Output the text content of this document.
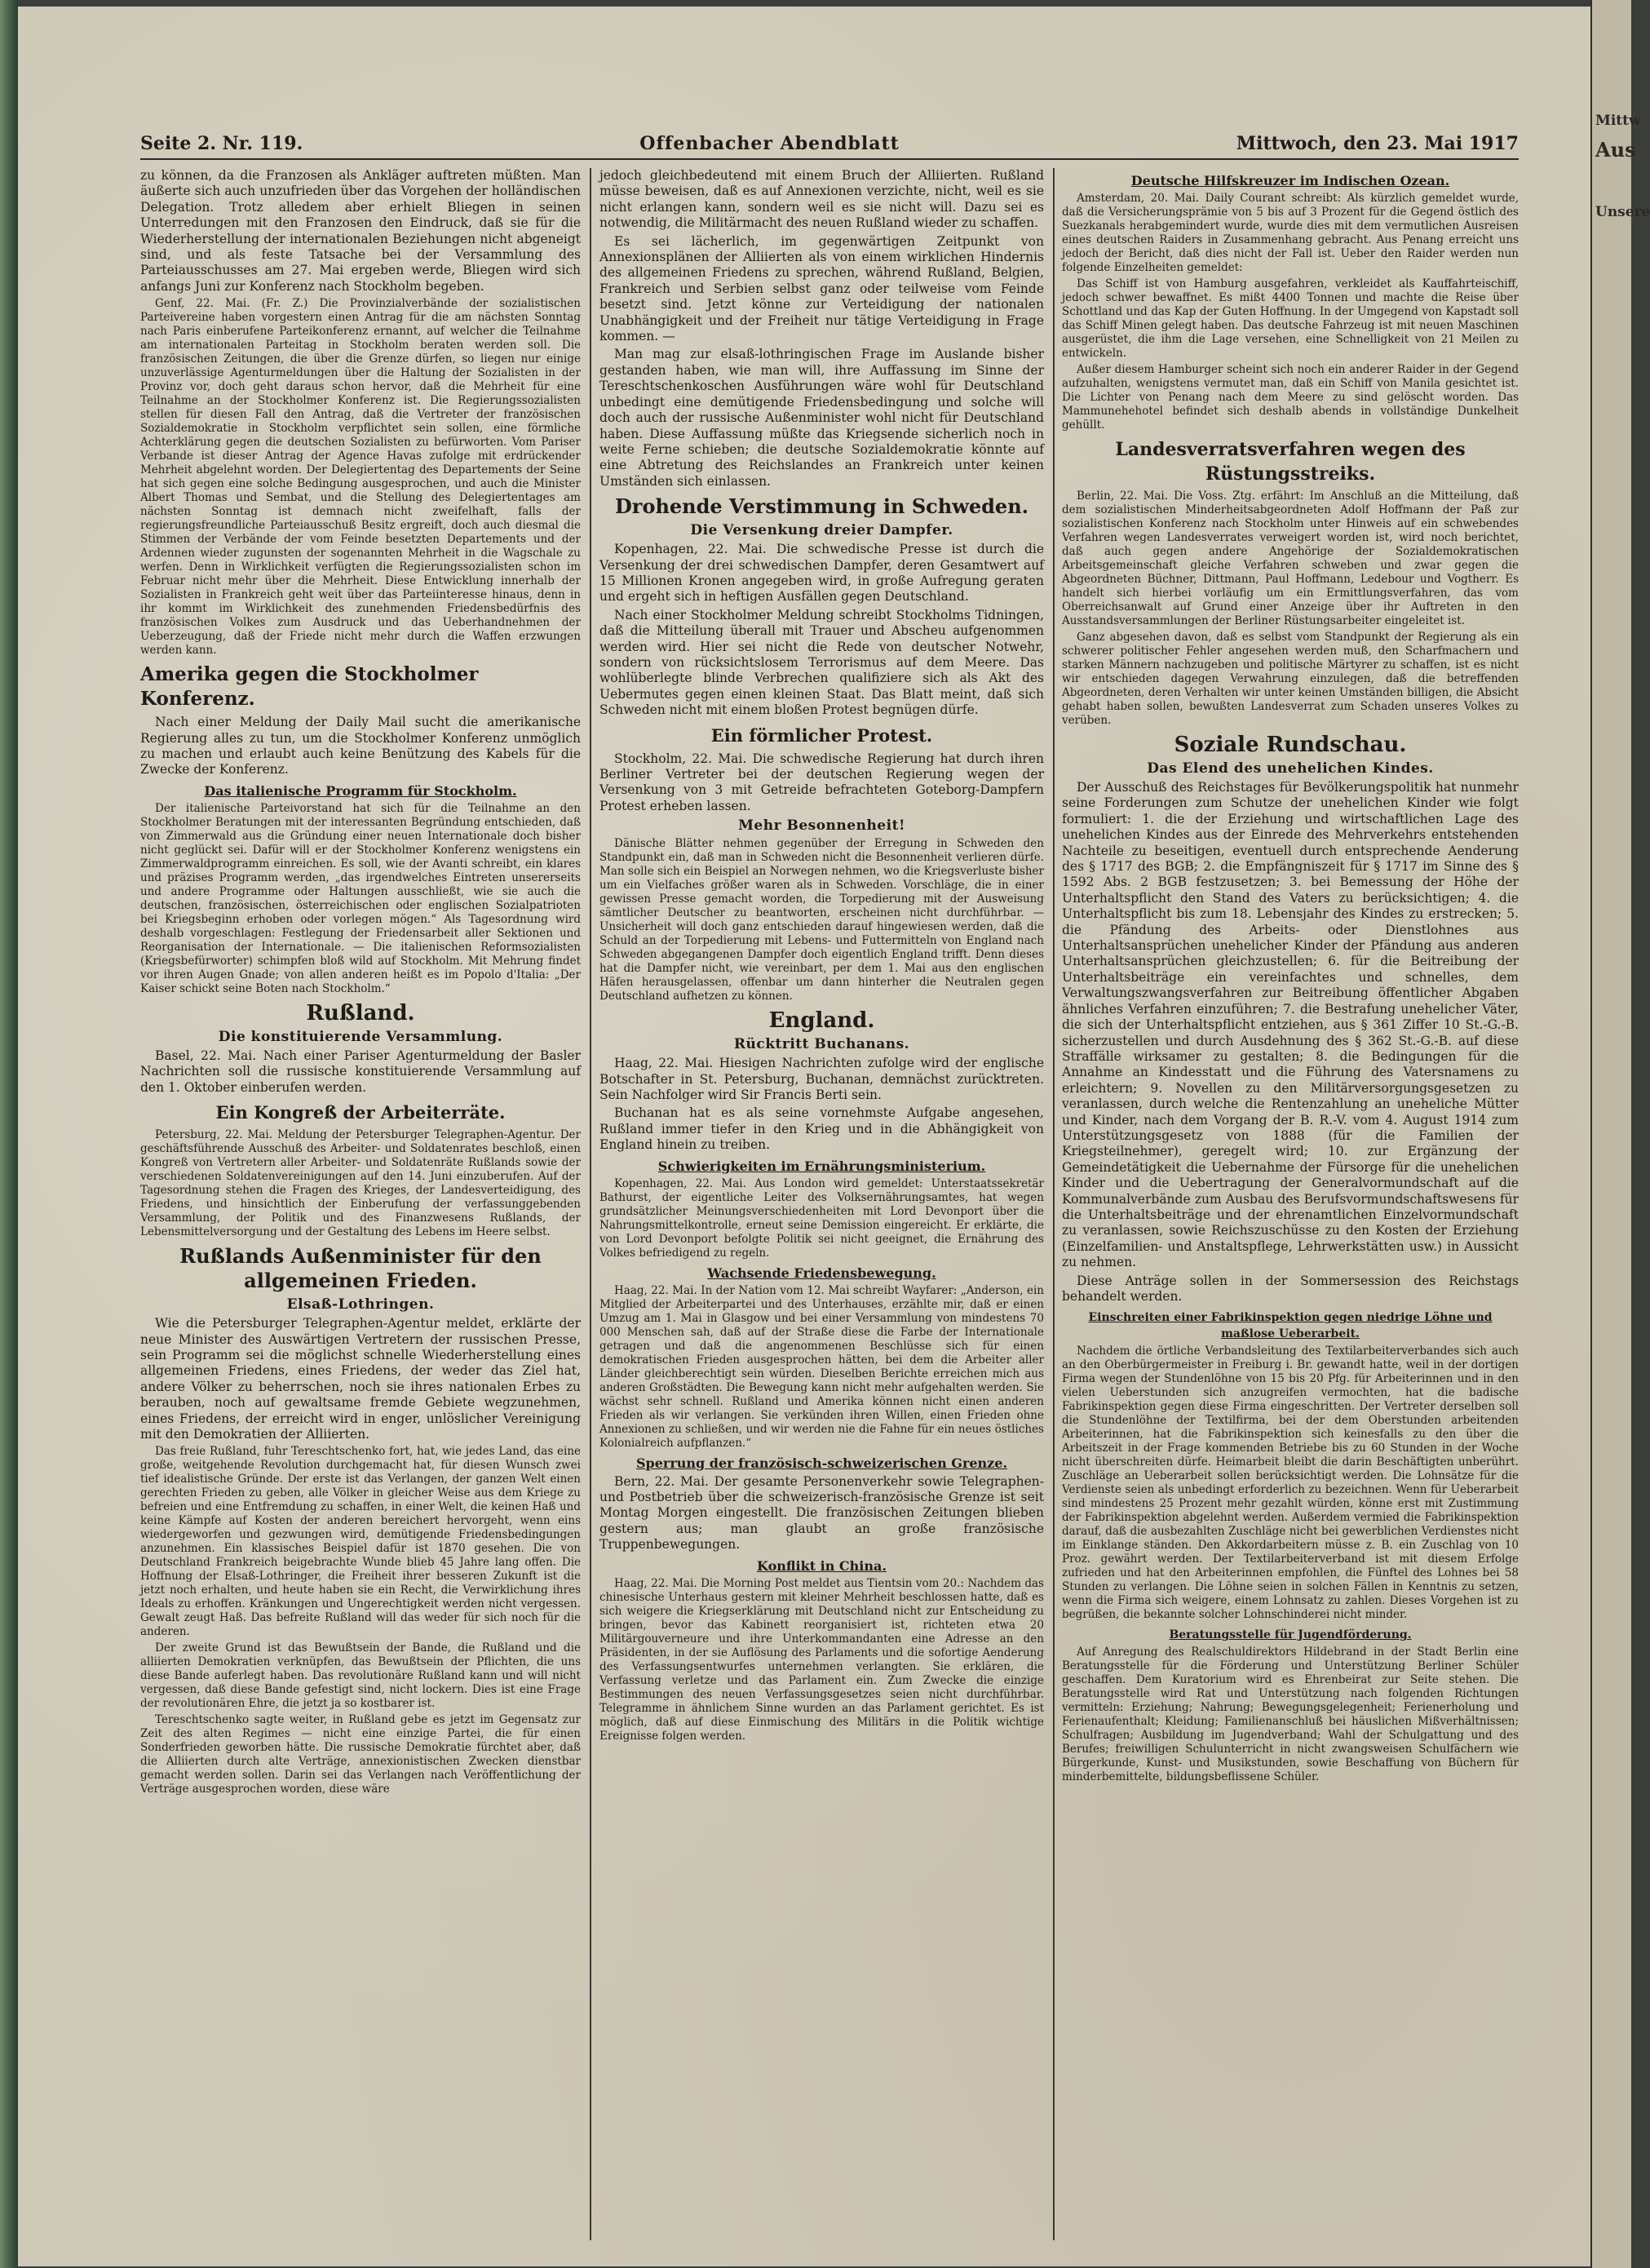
Seite 2. Nr. 119.	Offenbacher Abendblatt	Mittwoch, den 23. Mai 1917

zu können, da die Franzosen als Ankläger auftreten müßten. Man äußerte sich auch unzufrieden über das Vorgehen der holländischen Delegation. Trotz alledem aber erhielt Bliegen in seinen Unterredungen mit den Franzosen den Eindruck, daß sie für die Wiederherstellung der internationalen Beziehungen nicht abgeneigt sind, und als feste Tatsache bei der Versammlung des Parteiausschusses am 27. Mai ergeben werde, Bliegen wird sich anfangs Juni zur Konferenz nach Stockholm begeben.

Genf, 22. Mai. (Fr. Z.) Die Provinzialverbände der sozialistischen Parteivereine haben vorgestern einen Antrag für die am nächsten Sonntag nach Paris einberufene Parteikonferenz ernannt, auf welcher die Teilnahme am internationalen Parteitag in Stockholm beraten werden soll. Die französischen Zeitungen, die über die Grenze dürfen, so liegen nur einige unzuverlässige Agenturmeldungen über die Haltung der Sozialisten in der Provinz vor, doch geht daraus schon hervor, daß die Mehrheit für eine Teilnahme an der Stockholmer Konferenz ist. Die Regierungssozialisten stellen für diesen Fall den Antrag, daß die Vertreter der französischen Sozialdemokratie in Stockholm verpflichtet sein sollen, eine förmliche Achterklärung gegen die deutschen Sozialisten zu befürworten. Vom Pariser Verbande ist dieser Antrag der Agence Havas zufolge mit erdrückender Mehrheit abgelehnt worden. Der Delegiertentag des Departements der Seine hat sich gegen eine solche Bedingung ausgesprochen, und auch die Minister Albert Thomas und Sembat, und die Stellung des Delegiertentages am nächsten Sonntag ist demnach nicht zweifelhaft, falls der regierungsfreundliche Parteiausschuß Besitz ergreift, doch auch diesmal die Stimmen der Verbände der vom Feinde besetzten Departements und der Ardennen wieder zugunsten der sogenannten Mehrheit in die Wagschale zu werfen. Denn in Wirklichkeit verfügten die Regierungssozialisten schon im Februar nicht mehr über die Mehrheit. Diese Entwicklung innerhalb der Sozialisten in Frankreich geht weit über das Parteiinteresse hinaus, denn in ihr kommt im Wirklichkeit des zunehmenden Friedensbedürfnis des französischen Volkes zum Ausdruck und das Ueberhandnehmen der Ueberzeugung, daß der Friede nicht mehr durch die Waffen erzwungen werden kann.

Amerika gegen die Stockholmer Konferenz.

Nach einer Meldung der Daily Mail sucht die amerikanische Regierung alles zu tun, um die Stockholmer Konferenz unmöglich zu machen und erlaubt auch keine Benützung des Kabels für die Zwecke der Konferenz.

Das italienische Programm für Stockholm.

Der italienische Parteivorstand hat sich für die Teilnahme an den Stockholmer Beratungen mit der interessanten Begründung entschieden, daß von Zimmerwald aus die Gründung einer neuen Internationale doch bisher nicht geglückt sei. Dafür will er der Stockholmer Konferenz wenigstens ein Zimmerwaldprogramm einreichen. Es soll, wie der Avanti schreibt, ein klares und präzises Programm werden, „das irgendwelches Eintreten unsererseits und andere Programme oder Haltungen ausschließt, wie sie auch die deutschen, französischen, österreichischen oder englischen Sozialpatrioten bei Kriegsbeginn erhoben oder vorlegen mögen.“ Als Tagesordnung wird deshalb vorgeschlagen: Festlegung der Friedensarbeit aller Sektionen und Reorganisation der Internationale. — Die italienischen Reformsozialisten (Kriegsbefürworter) schimpfen bloß wild auf Stockholm. Mit Mehrung findet vor ihren Augen Gnade; von allen anderen heißt es im Popolo d'Italia: „Der Kaiser schickt seine Boten nach Stockholm.“

Rußland.
Die konstituierende Versammlung.

Basel, 22. Mai. Nach einer Pariser Agenturmeldung der Basler Nachrichten soll die russische konstituierende Versammlung auf den 1. Oktober einberufen werden.

Ein Kongreß der Arbeiterräte.

Petersburg, 22. Mai. Meldung der Petersburger Telegraphen-Agentur. Der geschäftsführende Ausschuß des Arbeiter- und Soldatenrates beschloß, einen Kongreß von Vertretern aller Arbeiter- und Soldatenräte Rußlands sowie der verschiedenen Soldatenvereinigungen auf den 14. Juni einzuberufen. Auf der Tagesordnung stehen die Fragen des Krieges, der Landesverteidigung, des Friedens, und hinsichtlich der Einberufung der verfassunggebenden Versammlung, der Politik und des Finanzwesens Rußlands, der Lebensmittelversorgung und der Gestaltung des Lebens im Heere selbst.

Rußlands Außenminister für den allgemeinen Frieden.
Elsaß-Lothringen.

Wie die Petersburger Telegraphen-Agentur meldet, erklärte der neue Minister des Auswärtigen Vertretern der russischen Presse, sein Programm sei die möglichst schnelle Wiederherstellung eines allgemeinen Friedens, eines Friedens, der weder das Ziel hat, andere Völker zu beherrschen, noch sie ihres nationalen Erbes zu berauben, noch auf gewaltsame fremde Gebiete wegzunehmen, eines Friedens, der erreicht wird in enger, unlöslicher Vereinigung mit den Demokratien der Alliierten.

Das freie Rußland, fuhr Tereschtschenko fort, hat, wie jedes Land, das eine große, weitgehende Revolution durchgemacht hat, für diesen Wunsch zwei tief idealistische Gründe. Der erste ist das Verlangen, der ganzen Welt einen gerechten Frieden zu geben, alle Völker in gleicher Weise aus dem Kriege zu befreien und eine Entfremdung zu schaffen, in einer Welt, die keinen Haß und keine Kämpfe auf Kosten der anderen bereichert hervorgeht, wenn eins wiedergeworfen und gezwungen wird, demütigende Friedensbedingungen anzunehmen. Ein klassisches Beispiel dafür ist 1870 gesehen. Die von Deutschland Frankreich beigebrachte Wunde blieb 45 Jahre lang offen. Die Hoffnung der Elsaß-Lothringer, die Freiheit ihrer besseren Zukunft ist die jetzt noch erhalten, und heute haben sie ein Recht, die Verwirklichung ihres Ideals zu erhoffen. Kränkungen und Ungerechtigkeit werden nicht vergessen. Gewalt zeugt Haß. Das befreite Rußland will das weder für sich noch für die anderen.

Der zweite Grund ist das Bewußtsein der Bande, die Rußland und die alliierten Demokratien verknüpfen, das Bewußtsein der Pflichten, die uns diese Bande auferlegt haben. Das revolutionäre Rußland kann und will nicht vergessen, daß diese Bande gefestigt sind, nicht lockern. Dies ist eine Frage der revolutionären Ehre, die jetzt ja so kostbarer ist.

Tereschtschenko sagte weiter, in Rußland gebe es jetzt im Gegensatz zur Zeit des alten Regimes — nicht eine einzige Partei, die für einen Sonderfrieden geworben hätte. Die russische Demokratie fürchtet aber, daß die Alliierten durch alte Verträge, annexionistischen Zwecken dienstbar gemacht werden sollen. Darin sei das Verlangen nach Veröffentlichung der Verträge ausgesprochen worden, diese wäre

jedoch gleichbedeutend mit einem Bruch der Alliierten. Rußland müsse beweisen, daß es auf Annexionen verzichte, nicht, weil es sie nicht erlangen kann, sondern weil es sie nicht will. Dazu sei es notwendig, die Militärmacht des neuen Rußland wieder zu schaffen.

Es sei lächerlich, im gegenwärtigen Zeitpunkt von Annexionsplänen der Alliierten als von einem wirklichen Hindernis des allgemeinen Friedens zu sprechen, während Rußland, Belgien, Frankreich und Serbien selbst ganz oder teilweise vom Feinde besetzt sind. Jetzt könne zur Verteidigung der nationalen Unabhängigkeit und der Freiheit nur tätige Verteidigung in Frage kommen. —

Man mag zur elsaß-lothringischen Frage im Auslande bisher gestanden haben, wie man will, ihre Auffassung im Sinne der Tereschtschenkoschen Ausführungen wäre wohl für Deutschland unbedingt eine demütigende Friedensbedingung und solche will doch auch der russische Außenminister wohl nicht für Deutschland haben. Diese Auffassung müßte das Kriegsende sicherlich noch in weite Ferne schieben; die deutsche Sozialdemokratie könnte auf eine Abtretung des Reichslandes an Frankreich unter keinen Umständen sich einlassen.

Drohende Verstimmung in Schweden.
Die Versenkung dreier Dampfer.

Kopenhagen, 22. Mai. Die schwedische Presse ist durch die Versenkung der drei schwedischen Dampfer, deren Gesamtwert auf 15 Millionen Kronen angegeben wird, in große Aufregung geraten und ergeht sich in heftigen Ausfällen gegen Deutschland.

Nach einer Stockholmer Meldung schreibt Stockholms Tidningen, daß die Mitteilung überall mit Trauer und Abscheu aufgenommen werden wird. Hier sei nicht die Rede von deutscher Notwehr, sondern von rücksichtslosem Terrorismus auf dem Meere. Das wohlüberlegte blinde Verbrechen qualifiziere sich als Akt des Uebermutes gegen einen kleinen Staat. Das Blatt meint, daß sich Schweden nicht mit einem bloßen Protest begnügen dürfe.

Ein förmlicher Protest.

Stockholm, 22. Mai. Die schwedische Regierung hat durch ihren Berliner Vertreter bei der deutschen Regierung wegen der Versenkung von 3 mit Getreide befrachteten Goteborg-Dampfern Protest erheben lassen.

Mehr Besonnenheit!

Dänische Blätter nehmen gegenüber der Erregung in Schweden den Standpunkt ein, daß man in Schweden nicht die Besonnenheit verlieren dürfe. Man solle sich ein Beispiel an Norwegen nehmen, wo die Kriegsverluste bisher um ein Vielfaches größer waren als in Schweden. Vorschläge, die in einer gewissen Presse gemacht worden, die Torpedierung mit der Ausweisung sämtlicher Deutscher zu beantworten, erscheinen nicht durchführbar. — Unsicherheit will doch ganz entschieden darauf hingewiesen werden, daß die Schuld an der Torpedierung mit Lebens- und Futtermitteln von England nach Schweden abgegangenen Dampfer doch eigentlich England trifft. Denn dieses hat die Dampfer nicht, wie vereinbart, per dem 1. Mai aus den englischen Häfen herausgelassen, offenbar um dann hinterher die Neutralen gegen Deutschland aufhetzen zu können.

England.
Rücktritt Buchanans.

Haag, 22. Mai. Hiesigen Nachrichten zufolge wird der englische Botschafter in St. Petersburg, Buchanan, demnächst zurücktreten. Sein Nachfolger wird Sir Francis Berti sein.

Buchanan hat es als seine vornehmste Aufgabe angesehen, Rußland immer tiefer in den Krieg und in die Abhängigkeit von England hinein zu treiben.

Schwierigkeiten im Ernährungsministerium.

Kopenhagen, 22. Mai. Aus London wird gemeldet: Unterstaatssekretär Bathurst, der eigentliche Leiter des Volksernährungsamtes, hat wegen grundsätzlicher Meinungsverschiedenheiten mit Lord Devonport über die Nahrungsmittelkontrolle, erneut seine Demission eingereicht. Er erklärte, die von Lord Devonport befolgte Politik sei nicht geeignet, die Ernährung des Volkes befriedigend zu regeln.

Wachsende Friedensbewegung.

Haag, 22. Mai. In der Nation vom 12. Mai schreibt Wayfarer: „Anderson, ein Mitglied der Arbeiterpartei und des Unterhauses, erzählte mir, daß er einen Umzug am 1. Mai in Glasgow und bei einer Versammlung von mindestens 70 000 Menschen sah, daß auf der Straße diese die Farbe der Internationale getragen und daß die angenommenen Beschlüsse sich für einen demokratischen Frieden ausgesprochen hätten, bei dem die Arbeiter aller Länder gleichberechtigt sein würden. Dieselben Berichte erreichen mich aus anderen Großstädten. Die Bewegung kann nicht mehr aufgehalten werden. Sie wächst sehr schnell. Rußland und Amerika können nicht einen anderen Frieden als wir verlangen. Sie verkünden ihren Willen, einen Frieden ohne Annexionen zu schließen, und wir werden nie die Fahne für ein neues östliches Kolonialreich aufpflanzen.“

Sperrung der französisch-schweizerischen Grenze.

Bern, 22. Mai. Der gesamte Personenverkehr sowie Telegraphen- und Postbetrieb über die schweizerisch-französische Grenze ist seit Montag Morgen eingestellt. Die französischen Zeitungen blieben gestern aus; man glaubt an große französische Truppenbewegungen.

Konflikt in China.

Haag, 22. Mai. Die Morning Post meldet aus Tientsin vom 20.: Nachdem das chinesische Unterhaus gestern mit kleiner Mehrheit beschlossen hatte, daß es sich weigere die Kriegserklärung mit Deutschland nicht zur Entscheidung zu bringen, bevor das Kabinett reorganisiert ist, richteten etwa 20 Militärgouverneure und ihre Unterkommandanten eine Adresse an den Präsidenten, in der sie Auflösung des Parlaments und die sofortige Aenderung des Verfassungsentwurfes unternehmen verlangten. Sie erklären, die Verfassung verletze und das Parlament ein. Zum Zwecke die einzige Bestimmungen des neuen Verfassungsgesetzes seien nicht durchführbar. Telegramme in ähnlichem Sinne wurden an das Parlament gerichtet. Es ist möglich, daß auf diese Einmischung des Militärs in die Politik wichtige Ereignisse folgen werden.

Deutsche Hilfskreuzer im Indischen Ozean.

Amsterdam, 20. Mai. Daily Courant schreibt: Als kürzlich gemeldet wurde, daß die Versicherungsprämie von 5 bis auf 3 Prozent für die Gegend östlich des Suezkanals herabgemindert wurde, wurde dies mit dem vermutlichen Ausreisen eines deutschen Raiders in Zusammenhang gebracht. Aus Penang erreicht uns jedoch der Bericht, daß dies nicht der Fall ist. Ueber den Raider werden nun folgende Einzelheiten gemeldet:

Das Schiff ist von Hamburg ausgefahren, verkleidet als Kauffahrteischiff, jedoch schwer bewaffnet. Es mißt 4400 Tonnen und machte die Reise über Schottland und das Kap der Guten Hoffnung. In der Umgegend von Kapstadt soll das Schiff Minen gelegt haben. Das deutsche Fahrzeug ist mit neuen Maschinen ausgerüstet, die ihm die Lage versehen, eine Schnelligkeit von 21 Meilen zu entwickeln.

Außer diesem Hamburger scheint sich noch ein anderer Raider in der Gegend aufzuhalten, wenigstens vermutet man, daß ein Schiff von Manila gesichtet ist. Die Lichter von Penang nach dem Meere zu sind gelöscht worden. Das Mammunehehotel befindet sich deshalb abends in vollständige Dunkelheit gehüllt.

Landesverratsverfahren wegen des Rüstungsstreiks.

Berlin, 22. Mai. Die Voss. Ztg. erfährt: Im Anschluß an die Mitteilung, daß dem sozialistischen Minderheitsabgeordneten Adolf Hoffmann der Paß zur sozialistischen Konferenz nach Stockholm unter Hinweis auf ein schwebendes Verfahren wegen Landesverrates verweigert worden ist, wird noch berichtet, daß auch gegen andere Angehörige der Sozialdemokratischen Arbeitsgemeinschaft gleiche Verfahren schweben und zwar gegen die Abgeordneten Büchner, Dittmann, Paul Hoffmann, Ledebour und Vogtherr. Es handelt sich hierbei vorläufig um ein Ermittlungsverfahren, das vom Oberreichsanwalt auf Grund einer Anzeige über ihr Auftreten in den Ausstandsversammlungen der Berliner Rüstungsarbeiter eingeleitet ist.

Ganz abgesehen davon, daß es selbst vom Standpunkt der Regierung als ein schwerer politischer Fehler angesehen werden muß, den Scharfmachern und starken Männern nachzugeben und politische Märtyrer zu schaffen, ist es nicht wir entschieden dagegen Verwahrung einzulegen, daß die betreffenden Abgeordneten, deren Verhalten wir unter keinen Umständen billigen, die Absicht gehabt haben sollen, bewußten Landesverrat zum Schaden unseres Volkes zu verüben.

Soziale Rundschau.
Das Elend des unehelichen Kindes.

Der Ausschuß des Reichstages für Bevölkerungspolitik hat nunmehr seine Forderungen zum Schutze der unehelichen Kinder wie folgt formuliert: 1. die der Erziehung und wirtschaftlichen Lage des unehelichen Kindes aus der Einrede des Mehrverkehrs entstehenden Nachteile zu beseitigen, eventuell durch entsprechende Aenderung des § 1717 des BGB; 2. die Empfängniszeit für § 1717 im Sinne des § 1592 Abs. 2 BGB festzusetzen; 3. bei Bemessung der Höhe der Unterhaltspflicht den Stand des Vaters zu berücksichtigen; 4. die Unterhaltspflicht bis zum 18. Lebensjahr des Kindes zu erstrecken; 5. die Pfändung des Arbeits- oder Dienstlohnes aus Unterhaltsansprüchen unehelicher Kinder der Pfändung aus anderen Unterhaltsansprüchen gleichzustellen; 6. für die Beitreibung der Unterhaltsbeiträge ein vereinfachtes und schnelles, dem Verwaltungszwangsverfahren zur Beitreibung öffentlicher Abgaben ähnliches Verfahren einzuführen; 7. die Bestrafung unehelicher Väter, die sich der Unterhaltspflicht entziehen, aus § 361 Ziffer 10 St.-G.-B. sicherzustellen und durch Ausdehnung des § 362 St.-G.-B. auf diese Straffälle wirksamer zu gestalten; 8. die Bedingungen für die Annahme an Kindesstatt und die Führung des Vatersnamens zu erleichtern; 9. Novellen zu den Militärversorgungsgesetzen zu veranlassen, durch welche die Rentenzahlung an uneheliche Mütter und Kinder, nach dem Vorgang der B. R.-V. vom 4. August 1914 zum Unterstützungsgesetz von 1888 (für die Familien der Kriegsteilnehmer), geregelt wird; 10. zur Ergänzung der Gemeindetätigkeit die Uebernahme der Fürsorge für die unehelichen Kinder und die Uebertragung der Generalvormundschaft auf die Kommunalverbände zum Ausbau des Berufsvormundschaftswesens für die Unterhaltsbeiträge und der ehrenamtlichen Einzelvormundschaft zu veranlassen, sowie Reichszuschüsse zu den Kosten der Erziehung (Einzelfamilien- und Anstaltspflege, Lehrwerkstätten usw.) in Aussicht zu nehmen.

Diese Anträge sollen in der Sommersession des Reichstags behandelt werden.

Einschreiten einer Fabrikinspektion gegen niedrige Löhne und maßlose Ueberarbeit.

Nachdem die örtliche Verbandsleitung des Textilarbeiterverbandes sich auch an den Oberbürgermeister in Freiburg i. Br. gewandt hatte, weil in der dortigen Firma wegen der Stundenlöhne von 15 bis 20 Pfg. für Arbeiterinnen und in den vielen Ueberstunden sich anzugreifen vermochten, hat die badische Fabrikinspektion gegen diese Firma eingeschritten. Der Vertreter derselben soll die Stundenlöhne der Textilfirma, bei der dem Oberstunden arbeitenden Arbeiterinnen, hat die Fabrikinspektion sich keinesfalls zu den über die Arbeitszeit in der Frage kommenden Betriebe bis zu 60 Stunden in der Woche nicht überschreiten dürfe. Heimarbeit bleibt die darin Beschäftigten unberührt. Zuschläge an Ueberarbeit sollen berücksichtigt werden. Die Lohnsätze für die Verdienste seien als unbedingt erforderlich zu bezeichnen. Wenn für Ueberarbeit sind mindestens 25 Prozent mehr gezahlt würden, könne erst mit Zustimmung der Fabrikinspektion abgelehnt werden. Außerdem vermied die Fabrikinspektion darauf, daß die ausbezahlten Zuschläge nicht bei gewerblichen Verdienstes nicht im Einklange ständen. Den Akkordarbeitern müsse z. B. ein Zuschlag von 10 Proz. gewährt werden. Der Textilarbeiterverband ist mit diesem Erfolge zufrieden und hat den Arbeiterinnen empfohlen, die Fünftel des Lohnes bei 58 Stunden zu verlangen. Die Löhne seien in solchen Fällen in Kenntnis zu setzen, wenn die Firma sich weigere, einem Lohnsatz zu zahlen. Dieses Vorgehen ist zu begrüßen, die bekannte solcher Lohnschinderei nicht minder.

Beratungsstelle für Jugendförderung.

Auf Anregung des Realschuldirektors Hildebrand in der Stadt Berlin eine Beratungsstelle für die Förderung und Unterstützung Berliner Schüler geschaffen. Dem Kuratorium wird es Ehrenbeirat zur Seite stehen. Die Beratungsstelle wird Rat und Unterstützung nach folgenden Richtungen vermitteln: Erziehung; Nahrung; Bewegungsgelegenheit; Ferienerholung und Ferienaufenthalt; Kleidung; Familienanschluß bei häuslichen Mißverhältnissen; Schulfragen; Ausbildung im Jugendverband; Wahl der Schulgattung und des Berufes; freiwilligen Schulunterricht in nicht zwangsweisen Schulfächern wie Bürgerkunde, Kunst- und Musikstunden, sowie Beschaffung von Büchern für minderbemittelte, bildungsbeflissene Schüler.

Mittw
Aus
Unsere
